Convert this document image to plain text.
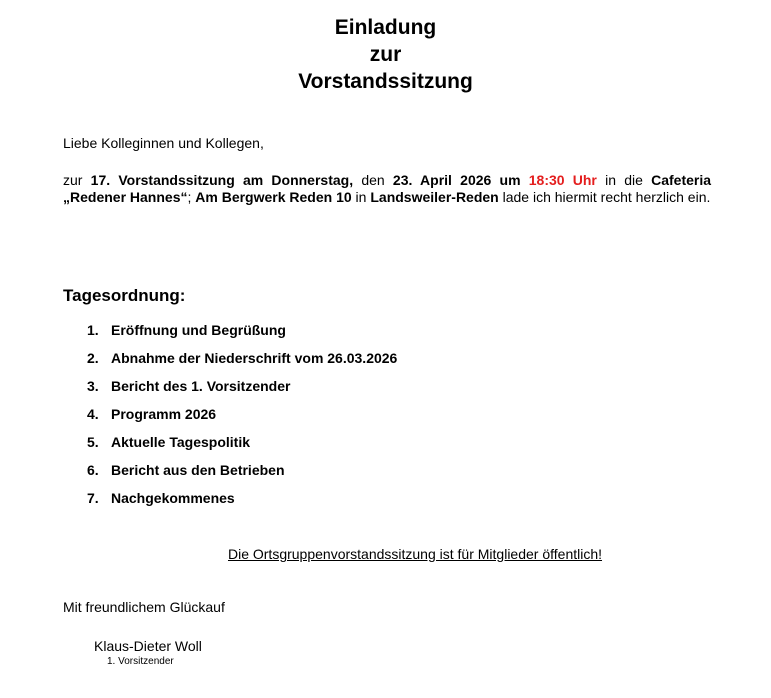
Einladung
zur
Vorstandssitzung
Liebe Kolleginnen und Kollegen,
zur 17. Vorstandssitzung am Donnerstag, den 23. April 2026 um 18:30 Uhr in die Cafeteria „Redener Hannes“; Am Bergwerk Reden 10 in Landsweiler-Reden lade ich hiermit recht herzlich ein.
Tagesordnung:
1. Eröffnung und Begrüßung
2. Abnahme der Niederschrift vom 26.03.2026
3. Bericht des 1. Vorsitzender
4. Programm 2026
5. Aktuelle Tagespolitik
6. Bericht aus den Betrieben
7. Nachgekommenes
Die Ortsgruppenvorstandssitzung ist für Mitglieder öffentlich!
Mit freundlichem Glückauf
Klaus-Dieter Woll
1. Vorsitzender
